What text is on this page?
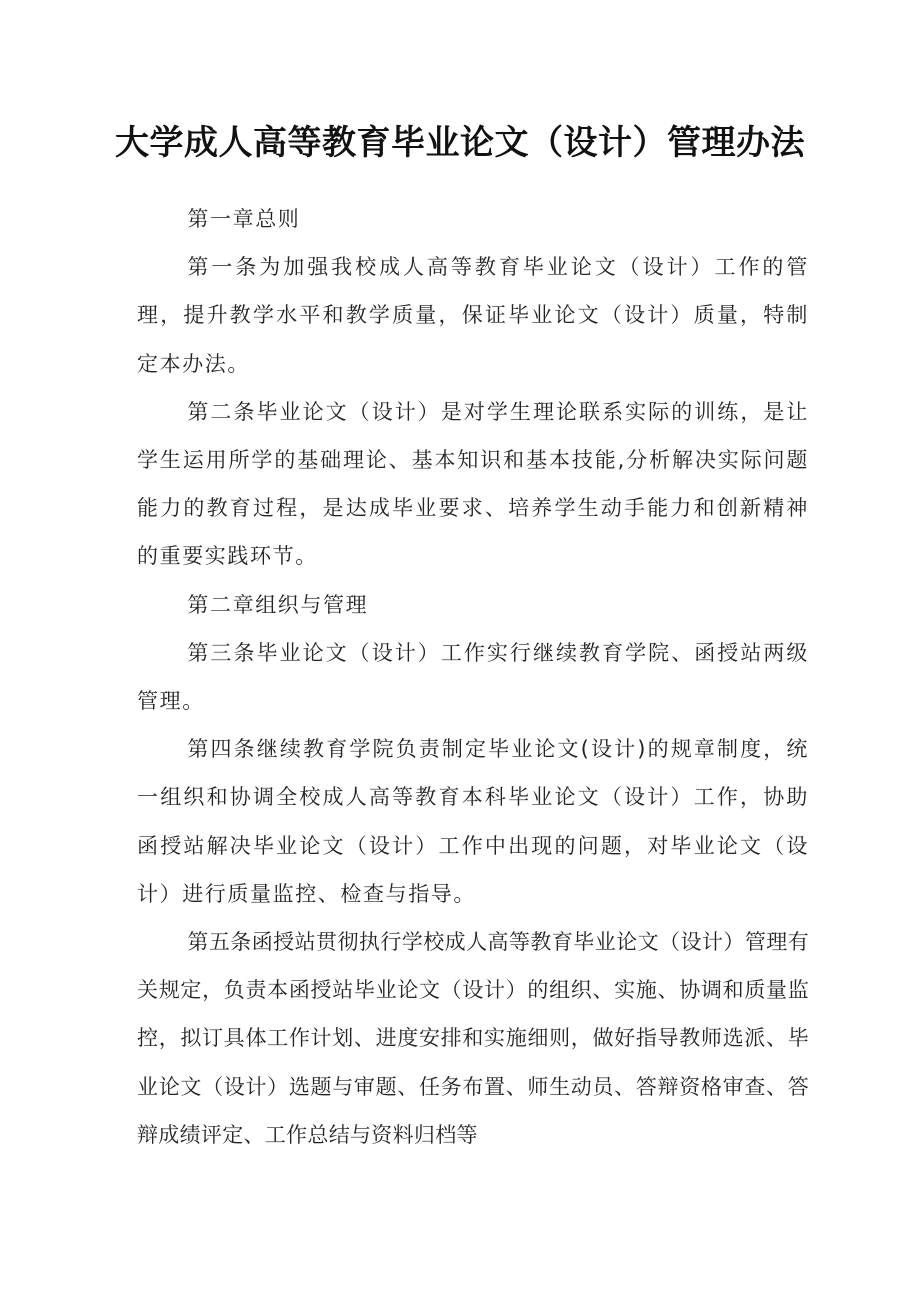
大学成人高等教育毕业论文（设计）管理办法

第一章总则

第一条为加强我校成人高等教育毕业论文（设计）工作的管理，提升教学水平和教学质量，保证毕业论文（设计）质量，特制定本办法。

第二条毕业论文（设计）是对学生理论联系实际的训练，是让学生运用所学的基础理论、基本知识和基本技能,分析解决实际问题能力的教育过程，是达成毕业要求、培养学生动手能力和创新精神的重要实践环节。

第二章组织与管理

第三条毕业论文（设计）工作实行继续教育学院、函授站两级管理。

第四条继续教育学院负责制定毕业论文(设计)的规章制度，统一组织和协调全校成人高等教育本科毕业论文（设计）工作，协助函授站解决毕业论文（设计）工作中出现的问题，对毕业论文（设计）进行质量监控、检查与指导。

第五条函授站贯彻执行学校成人高等教育毕业论文（设计）管理有关规定，负责本函授站毕业论文（设计）的组织、实施、协调和质量监控，拟订具体工作计划、进度安排和实施细则，做好指导教师选派、毕业论文（设计）选题与审题、任务布置、师生动员、答辩资格审查、答辩成绩评定、工作总结与资料归档等
